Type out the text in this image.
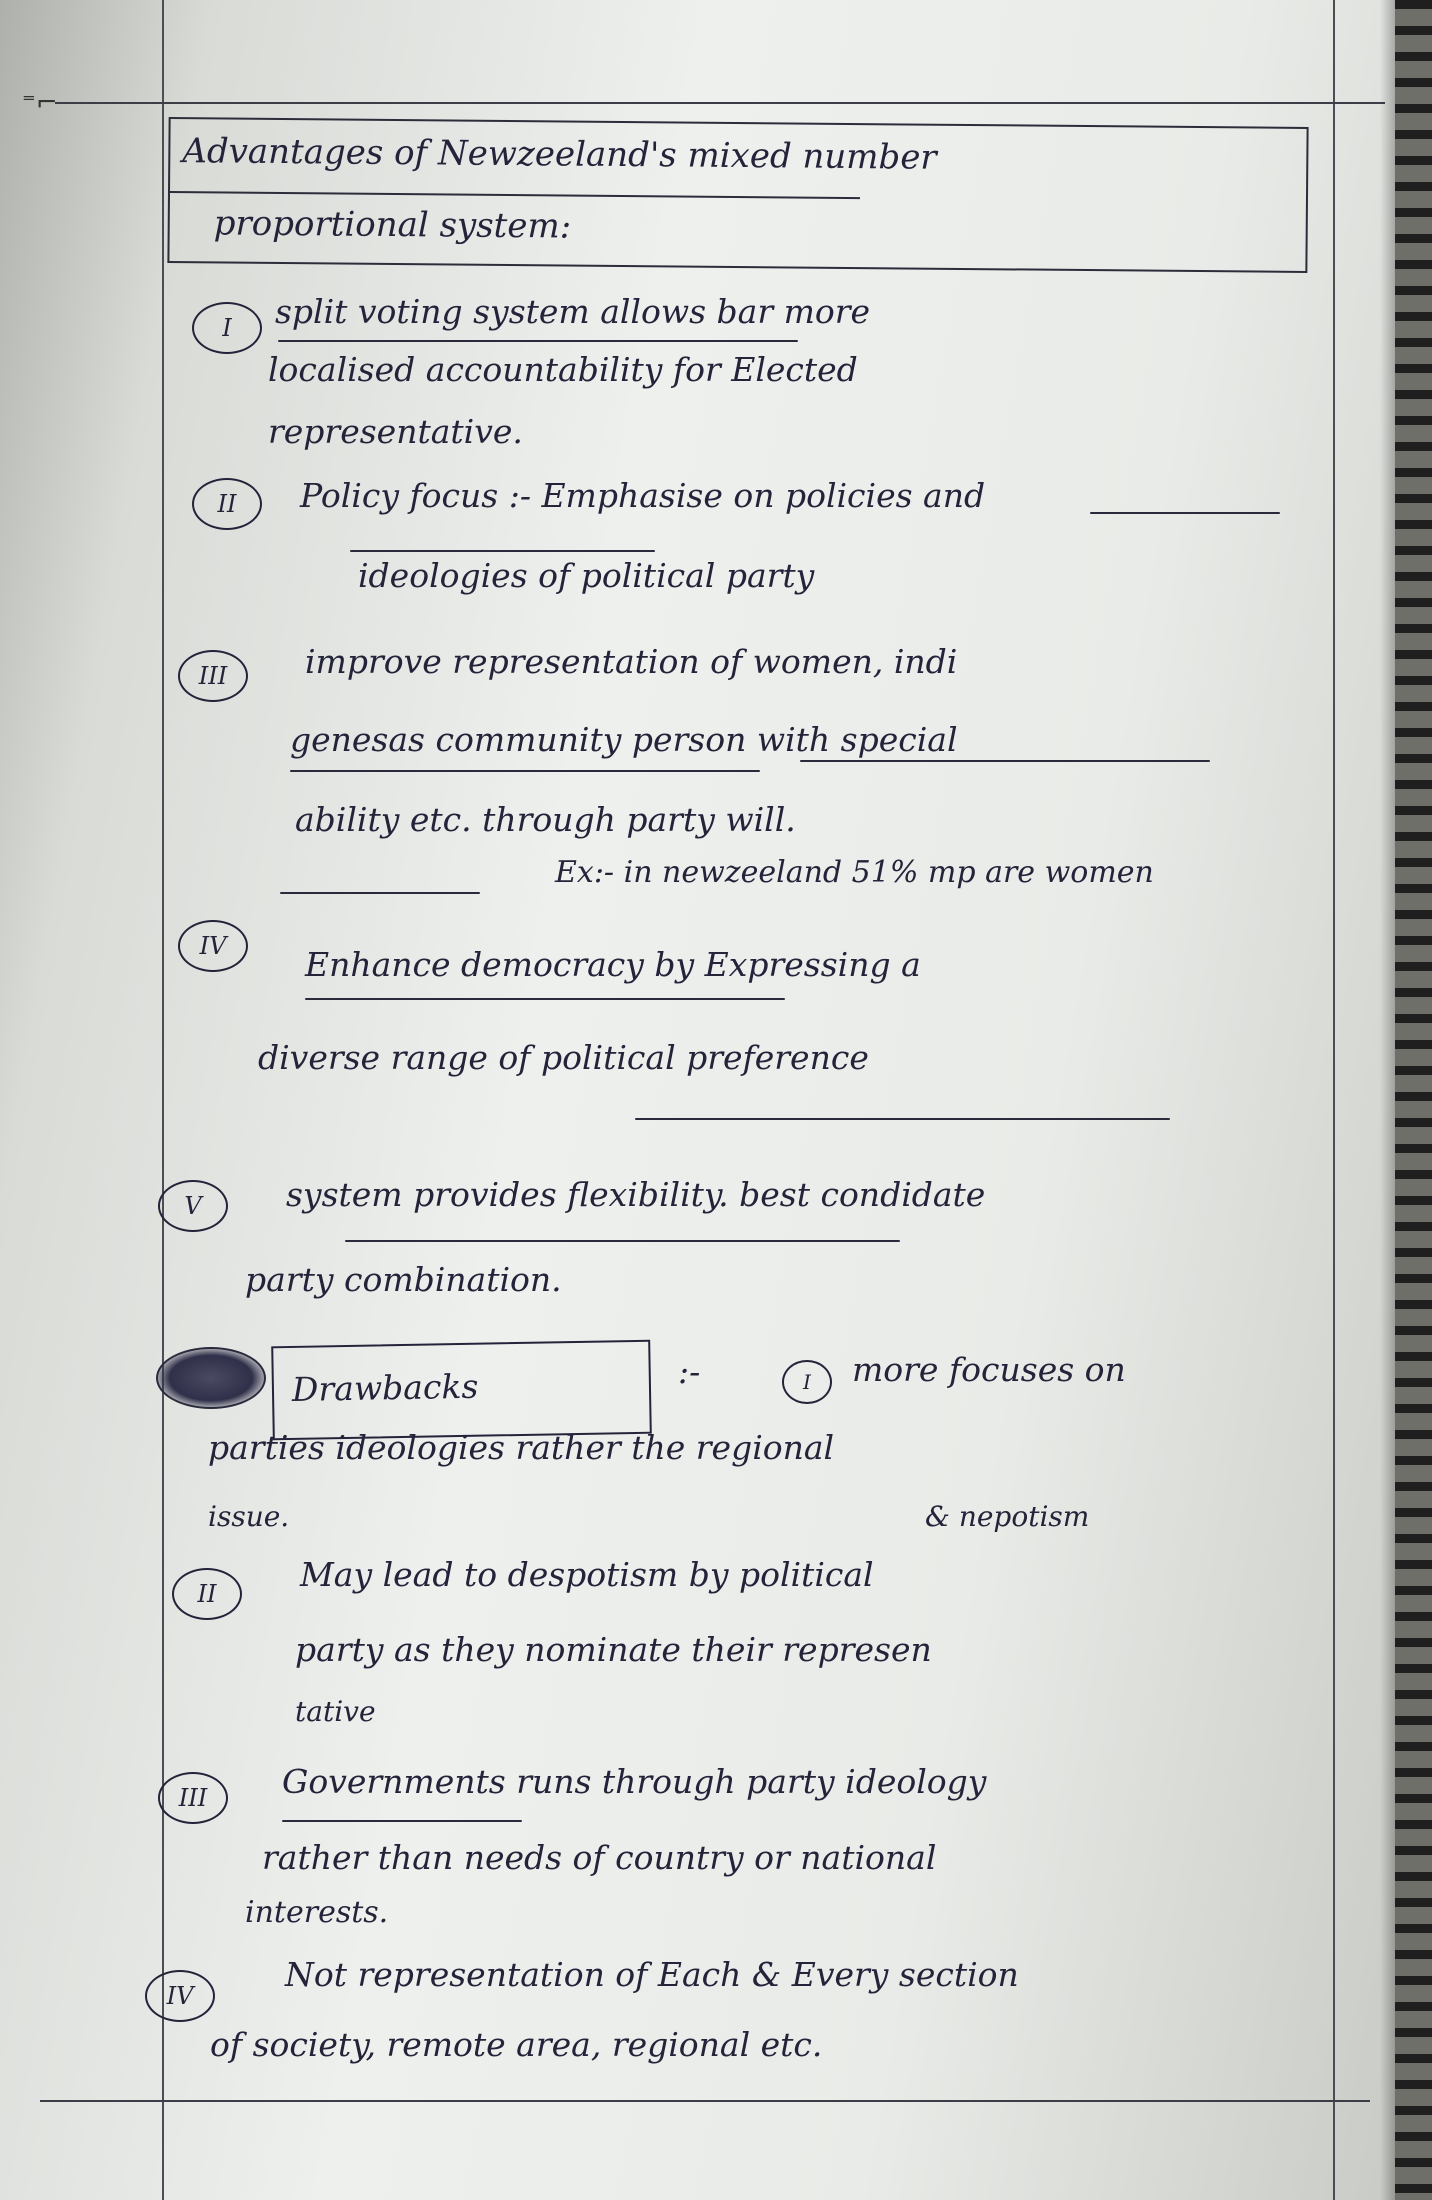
⁼⌐
Advantages of Newzeeland's mixed number
proportional system:
I	split voting system allows bar more
localised accountability for Elected
representative.
II	Policy focus :- Emphasise on policies and
ideologies of political party
III	improve representation of women, indi
genesas community person with special
ability etc. through party will.
Ex:- in newzeeland 51% mp are women
IV	Enhance democracy by Expressing a
diverse range of political preference
V	system provides flexibility. best condidate
party combination.
Drawbacks	:-	I	more focuses on
parties ideologies rather the regional
issue.
II
& nepotism
May lead to despotism by political
party as they nominate their represen
tative
III	Governments runs through party ideology
rather than needs of country or national
interests.
IV
Not representation of Each & Every section
of society, remote area, regional etc.
